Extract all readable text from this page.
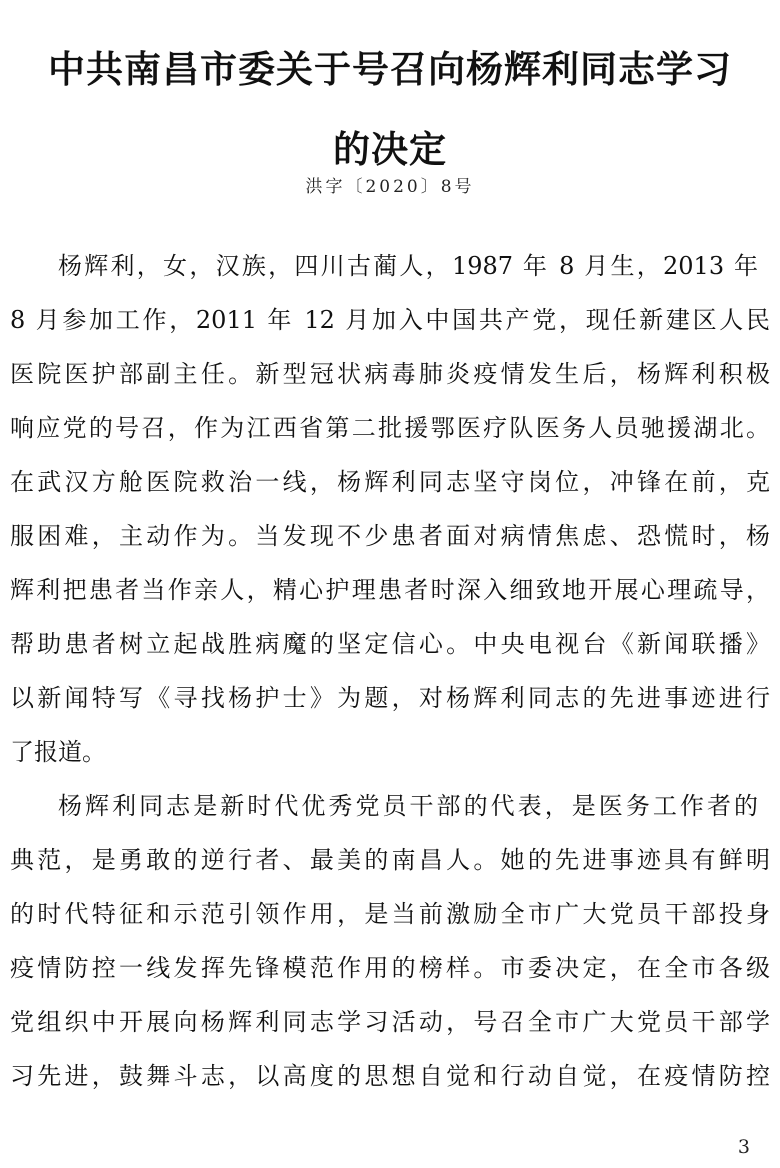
中共南昌市委关于号召向杨辉利同志学习
的决定
洪字〔2020〕8号
杨辉利，女，汉族，四川古蔺人，1987 年 8 月生，2013 年
8 月参加工作，2011 年 12 月加入中国共产党，现任新建区人民
医院医护部副主任。新型冠状病毒肺炎疫情发生后，杨辉利积极
响应党的号召，作为江西省第二批援鄂医疗队医务人员驰援湖北。
在武汉方舱医院救治一线，杨辉利同志坚守岗位，冲锋在前，克
服困难，主动作为。当发现不少患者面对病情焦虑、恐慌时，杨
辉利把患者当作亲人，精心护理患者时深入细致地开展心理疏导，
帮助患者树立起战胜病魔的坚定信心。中央电视台《新闻联播》
以新闻特写《寻找杨护士》为题，对杨辉利同志的先进事迹进行
了报道。
杨辉利同志是新时代优秀党员干部的代表，是医务工作者的
典范，是勇敢的逆行者、最美的南昌人。她的先进事迹具有鲜明
的时代特征和示范引领作用，是当前激励全市广大党员干部投身
疫情防控一线发挥先锋模范作用的榜样。市委决定，在全市各级
党组织中开展向杨辉利同志学习活动，号召全市广大党员干部学
习先进，鼓舞斗志，以高度的思想自觉和行动自觉，在疫情防控
3
